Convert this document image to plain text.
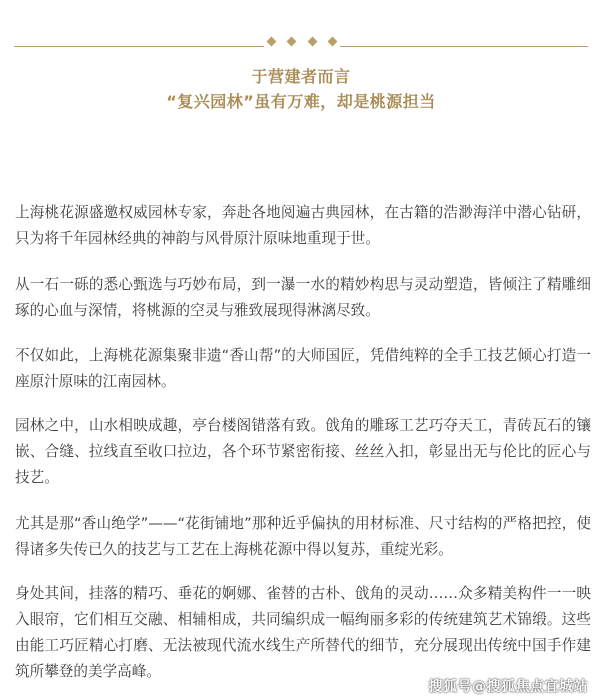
于营建者而言
“复兴园林”虽有万难，却是桃源担当

上海桃花源盛邀权威园林专家，奔赴各地阅遍古典园林，在古籍的浩渺海洋中潜心钻研，只为将千年园林经典的神韵与风骨原汁原味地重现于世。

从一石一砾的悉心甄选与巧妙布局，到一瀑一水的精妙构思与灵动塑造，皆倾注了精雕细琢的心血与深情，将桃源的空灵与雅致展现得淋漓尽致。

不仅如此，上海桃花源集聚非遗“香山帮”的大师国匠，凭借纯粹的全手工技艺倾心打造一座原汁原味的江南园林。

园林之中，山水相映成趣，亭台楼阁错落有致。戗角的雕琢工艺巧夺天工，青砖瓦石的镶嵌、合缝、拉线直至收口拉边，各个环节紧密衔接、丝丝入扣，彰显出无与伦比的匠心与技艺。

尤其是那“香山绝学”——“花街铺地”那种近乎偏执的用材标准、尺寸结构的严格把控，使得诸多失传已久的技艺与工艺在上海桃花源中得以复苏，重绽光彩。

身处其间，挂落的精巧、垂花的婀娜、雀替的古朴、戗角的灵动……众多精美构件一一映入眼帘，它们相互交融、相辅相成，共同编织成一幅绚丽多彩的传统建筑艺术锦缎。这些由能工巧匠精心打磨、无法被现代流水线生产所替代的细节，充分展现出传统中国手作建筑所攀登的美学高峰。

搜狐号@搜狐焦点宜城站
